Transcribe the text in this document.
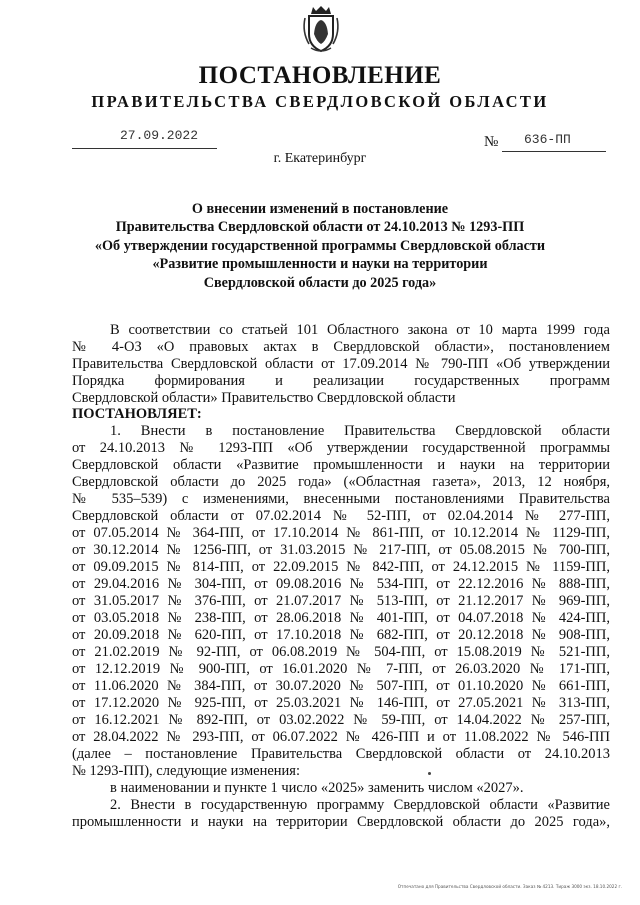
ПОСТАНОВЛЕНИЕ
ПРАВИТЕЛЬСТВА СВЕРДЛОВСКОЙ ОБЛАСТИ
27.09.2022	№ 636-ПП
г. Екатеринбург
О внесении изменений в постановление
Правительства Свердловской области от 24.10.2013 № 1293-ПП
«Об утверждении государственной программы Свердловской области
«Развитие промышленности и науки на территории
Свердловской области до 2025 года»
В соответствии со статьей 101 Областного закона от 10 марта 1999 года
№ 4-ОЗ «О правовых актах в Свердловской области», постановлением
Правительства Свердловской области от 17.09.2014 № 790-ПП «Об утверждении
Порядка формирования и реализации государственных программ
Свердловской области» Правительство Свердловской области
ПОСТАНОВЛЯЕТ:
1. Внести в постановление Правительства Свердловской области
от 24.10.2013 № 1293-ПП «Об утверждении государственной программы
Свердловской области «Развитие промышленности и науки на территории
Свердловской области до 2025 года» («Областная газета», 2013, 12 ноября,
№ 535–539) с изменениями, внесенными постановлениями Правительства
Свердловской области от 07.02.2014 № 52-ПП, от 02.04.2014 № 277-ПП,
от 07.05.2014 № 364-ПП, от 17.10.2014 № 861-ПП, от 10.12.2014 № 1129-ПП,
от 30.12.2014 № 1256-ПП, от 31.03.2015 № 217-ПП, от 05.08.2015 № 700-ПП,
от 09.09.2015 № 814-ПП, от 22.09.2015 № 842-ПП, от 24.12.2015 № 1159-ПП,
от 29.04.2016 № 304-ПП, от 09.08.2016 № 534-ПП, от 22.12.2016 № 888-ПП,
от 31.05.2017 № 376-ПП, от 21.07.2017 № 513-ПП, от 21.12.2017 № 969-ПП,
от 03.05.2018 № 238-ПП, от 28.06.2018 № 401-ПП, от 04.07.2018 № 424-ПП,
от 20.09.2018 № 620-ПП, от 17.10.2018 № 682-ПП, от 20.12.2018 № 908-ПП,
от 21.02.2019 № 92-ПП, от 06.08.2019 № 504-ПП, от 15.08.2019 № 521-ПП,
от 12.12.2019 № 900-ПП, от 16.01.2020 № 7-ПП, от 26.03.2020 № 171-ПП,
от 11.06.2020 № 384-ПП, от 30.07.2020 № 507-ПП, от 01.10.2020 № 661-ПП,
от 17.12.2020 № 925-ПП, от 25.03.2021 № 146-ПП, от 27.05.2021 № 313-ПП,
от 16.12.2021 № 892-ПП, от 03.02.2022 № 59-ПП, от 14.04.2022 № 257-ПП,
от 28.04.2022 № 293-ПП, от 06.07.2022 № 426-ПП и от 11.08.2022 № 546-ПП
(далее – постановление Правительства Свердловской области от 24.10.2013
№ 1293-ПП), следующие изменения:
в наименовании и пункте 1 число «2025» заменить числом «2027».
2. Внести в государственную программу Свердловской области «Развитие
промышленности и науки на территории Свердловской области до 2025 года»,
Отпечатано для Правительства Свердловской области. Заказ № 4213. Тираж 3000 экз. 18.10.2022 г.
